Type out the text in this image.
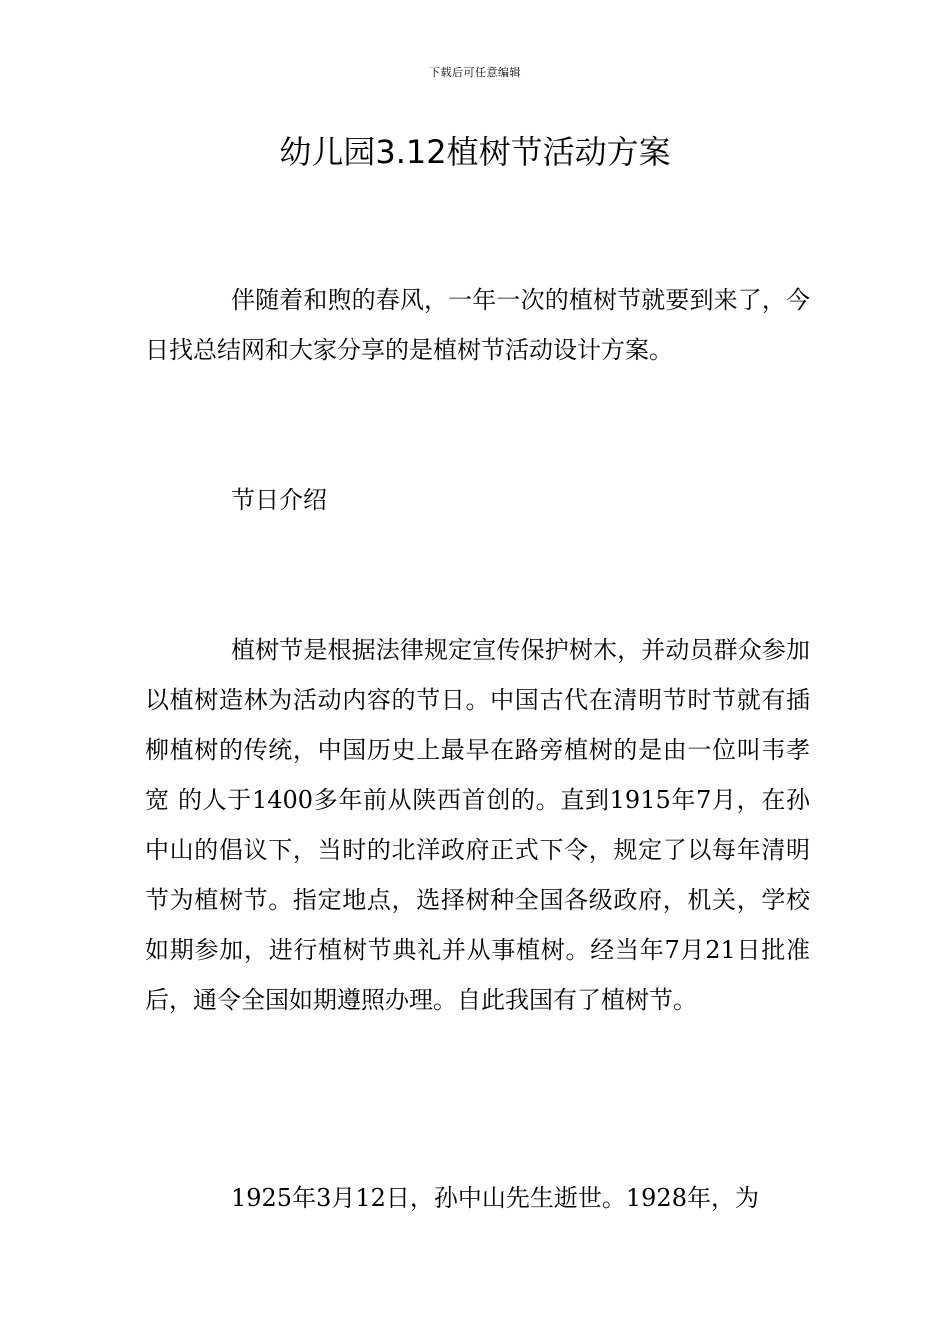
下载后可任意编辑
幼儿园3.12植树节活动方案

伴随着和煦的春风，一年一次的植树节就要到来了，今日找总结网和大家分享的是植树节活动设计方案。

节日介绍

植树节是根据法律规定宣传保护树木，并动员群众参加以植树造林为活动内容的节日。中国古代在清明节时节就有插柳植树的传统，中国历史上最早在路旁植树的是由一位叫韦孝宽 的人于1400多年前从陕西首创的。直到1915年7月，在孙中山的倡议下，当时的北洋政府正式下令，规定了以每年清明节为植树节。指定地点，选择树种全国各级政府，机关，学校如期参加，进行植树节典礼并从事植树。经当年7月21日批准后，通令全国如期遵照办理。自此我国有了植树节。

1925年3月12日，孙中山先生逝世。1928年，为
